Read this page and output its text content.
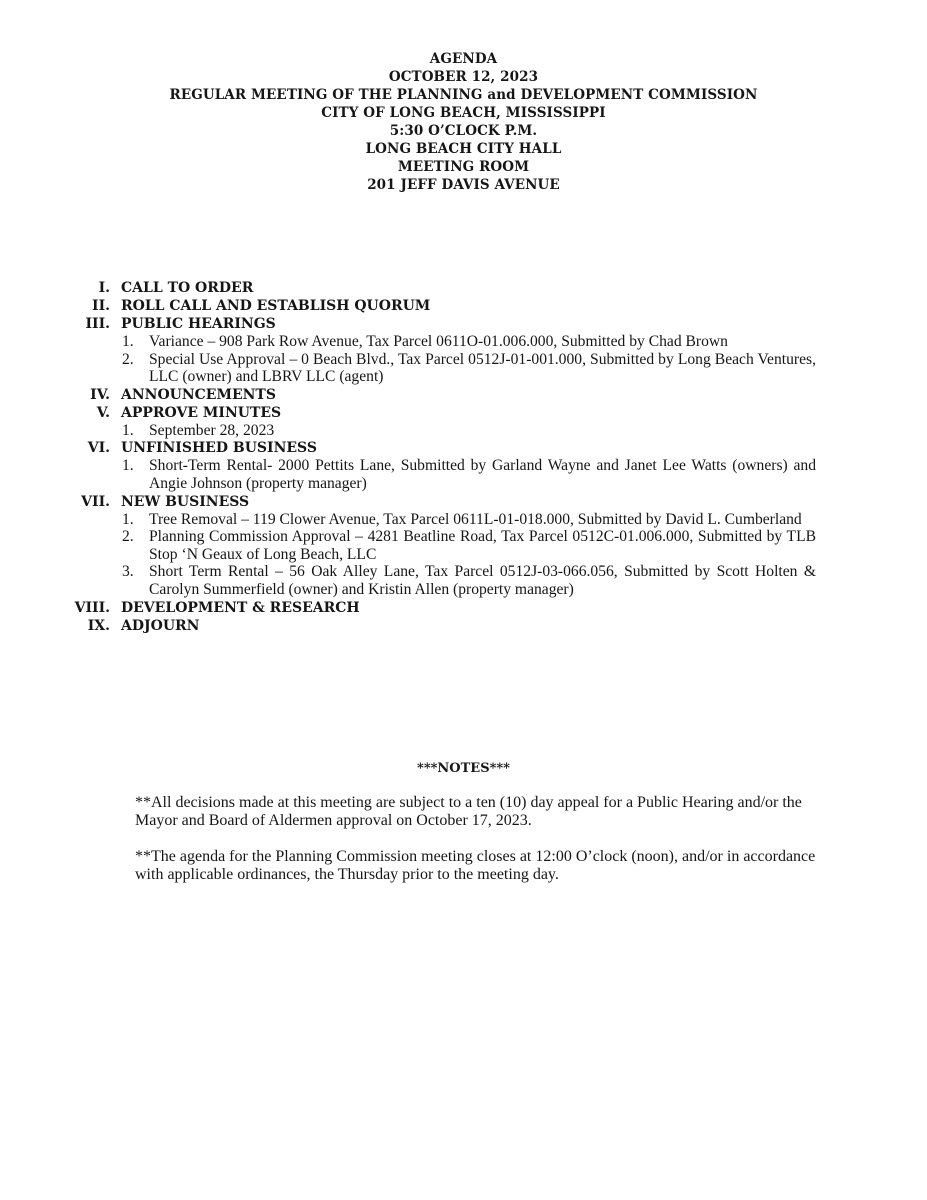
AGENDA
OCTOBER 12, 2023
REGULAR MEETING OF THE PLANNING and DEVELOPMENT COMMISSION
CITY OF LONG BEACH, MISSISSIPPI
5:30 O’CLOCK P.M.
LONG BEACH CITY HALL
MEETING ROOM
201 JEFF DAVIS AVENUE
I. CALL TO ORDER
II. ROLL CALL AND ESTABLISH QUORUM
III. PUBLIC HEARINGS
1. Variance – 908 Park Row Avenue, Tax Parcel 0611O-01.006.000, Submitted by Chad Brown
2. Special Use Approval – 0 Beach Blvd., Tax Parcel 0512J-01-001.000, Submitted by Long Beach Ventures, LLC (owner) and LBRV LLC (agent)
IV. ANNOUNCEMENTS
V. APPROVE MINUTES
1. September 28, 2023
VI. UNFINISHED BUSINESS
1. Short-Term Rental- 2000 Pettits Lane, Submitted by Garland Wayne and Janet Lee Watts (owners) and Angie Johnson (property manager)
VII. NEW BUSINESS
1. Tree Removal – 119 Clower Avenue, Tax Parcel 0611L-01-018.000, Submitted by David L. Cumberland
2. Planning Commission Approval – 4281 Beatline Road, Tax Parcel 0512C-01.006.000, Submitted by TLB Stop ‘N Geaux of Long Beach, LLC
3. Short Term Rental – 56 Oak Alley Lane, Tax Parcel 0512J-03-066.056, Submitted by Scott Holten & Carolyn Summerfield (owner) and Kristin Allen (property manager)
VIII. DEVELOPMENT & RESEARCH
IX. ADJOURN
***NOTES***
**All decisions made at this meeting are subject to a ten (10) day appeal for a Public Hearing and/or the Mayor and Board of Aldermen approval on October 17, 2023.
**The agenda for the Planning Commission meeting closes at 12:00 O’clock (noon), and/or in accordance with applicable ordinances, the Thursday prior to the meeting day.
